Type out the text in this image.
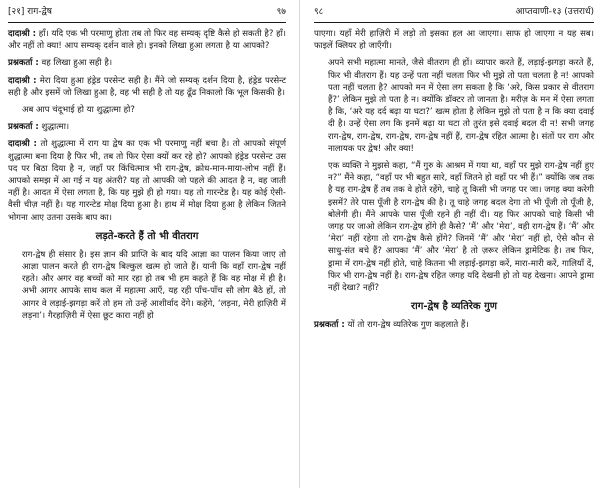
[२१] राग-द्वेष	९७

दादाश्री : हाँ। यदि एक भी परमाणु होता तब तो फिर वह सम्यक् दृष्टि कैसे हो सकती है? हाँ। और नहीं तो क्या! आप सम्यक् दर्शन वाले हो। इनको लिखा हुआ लगता है या आपको?

प्रश्नकर्ता : वह लिखा हुआ सही है।

दादाश्री : मेरा दिया हुआ हंड्रेड परसेन्ट सही है। मैंने जो सम्यक् दर्शन दिया है, हंड्रेड परसेन्ट सही है और इसमें जो लिखा हुआ है, वह भी सही है तो यह ढूँढ निकालो कि भूल किसकी है।

अब आप चंदूभाई हो या शुद्धात्मा हो?

प्रश्नकर्ता : शुद्धात्मा।

दादाश्री : तो शुद्धात्मा में राग या द्वेष का एक भी परमाणु नहीं बचा है। तो आपको संपूर्ण शुद्धात्मा बना दिया है फिर भी, तब तो फिर ऐसा क्यों कर रहे हो? आपको हंड्रेड परसेन्ट उस पद पर बिठा दिया है न, जहाँ पर किंचित्मात्र भी राग-द्वेष, क्रोध-मान-माया-लोभ नहीं हैं। आपको समझ में आ गई न यह अंतरी? यह तो आपकी जो पहले की आदत है न, वह जाती नहीं है। आदत में ऐसा लगता है, कि यह मुझे ही हो गया। यह तो गारन्टेड है। यह कोई ऐसी-वैसी चीज़ नहीं है। यह गारन्टेड मोक्ष दिया हुआ है। हाथ में मोक्ष दिया हुआ है लेकिन जितने भोगना आए उतना उसके बाप का।

लड़ते-करते हैं तो भी वीतराग

राग-द्वेष ही संसार है। इस ज्ञान की प्राप्ति के बाद यदि आज्ञा का पालन किया जाए तो आज्ञा पालन करते ही राग-द्वेष बिल्कुल खत्म हो जाते हैं। यानी कि वहाँ राग-द्वेष नहीं रहते। और अगर वह बच्चों को मार रहा हो तब भी हम कहते हैं कि वह मोक्ष में ही है। अभी आगर आपके साथ कल में महात्मा आएँ, यह रही पाँच-पाँच सौ लोग बैठे हों, तो आगर वे लड़ाई-झगड़ा करें तो हम तो उन्हें आशीर्वाद देंगे। कहेंगे, ‘लड़ना, मेरी हाज़िरी में लड़ना’। गैरहाज़िरी में ऐसा छूट कारा नहीं हो

९८	आप्तवाणी-१३ (उत्तरार्ध)

पाएगा। यहाँ मेरी हाज़िरी में लड़ो तो इसका हल आ जाएगा। साफ हो जाएगा न यह सब। फाइलें क्लियर हो जाएँगी।

अपने सभी महात्मा मानते, जैसे वीतराग ही हों। व्यापार करते हैं, लड़ाई-झगड़ा करते हैं, फिर भी वीतराग हैं। यह उन्हें पता नहीं चलता फिर भी मुझे तो पता चलता है न! आपको पता नहीं चलता है? आपको मन में ऐसा लग सकता है कि ‘अरे, किस प्रकार से वीतराग हैं?’ लेकिन मुझे तो पता है न। क्योंकि डॉक्टर तो जानता है। मरीज़ के मन में ऐसा लगता है कि, ‘अरे यह दर्द बढ़ा या घटा?’ खत्म होता है लेकिन मुझे तो पता है न कि क्या दवाई दी है। उन्हें ऐसा लग कि इनमें बढ़ा या घटा तो तुरंत इसे दवाई बदल दी न! सभी जगह राग-द्वेष, राग-द्वेष, राग-द्वेष, राग-द्वेष नहीं हैं, राग-द्वेष रहित आत्मा है। संतों पर राग और नालायक पर द्वेष! और क्या!

एक व्यक्ति ने मुझसे कहा, “मैं गुरु के आश्रम में गया था, वहाँ पर मुझे राग-द्वेष नहीं हुए न?” मैंने कहा, “वहाँ पर भी बहुत सारे, वहाँ जितने हो वहाँ पर भी हैं।” क्योंकि जब तक है यह राग-द्वेष हैं तब तक वे होते रहेंगे, चाहे तू किसी भी जगह पर जा। जगह क्या करेगी इसमें? तेरे पास पूँजी है राग-द्वेष की है। तू चाहे जगह बदल देगा तो भी पूँजी तो पूँजी है, बोलेगी ही। मैंने आपके पास पूँजी रहने ही नहीं दी। यह फिर आपको चाहे किसी भी जगह पर जाओ लेकिन राग-द्वेष होंगे ही कैसे? ‘मैं’ और ‘मेरा’, वही राग-द्वेष हैं। ‘मैं’ और ‘मेरा’ नहीं रहेगा तो राग-द्वेष कैसे होंगे? जिनमें ‘मैं’ और ‘मेरा’ नहीं हो, ऐसे कौन से साधु-संत बचे हैं? आपका ‘मैं’ और ‘मेरा’ है तो ज़रूर लेकिन ड्रामेटिक है। तब फिर, ड्रामा में राग-द्वेष नहीं होते, चाहे कितना भी लड़ाई-झगड़ा करें, मारा-मारी करें, गालियाँ दें, फिर भी राग-द्वेष नहीं है। राग-द्वेष रहित जगह यदि देखनी हो तो यह देखना। आपने ड्रामा नहीं देखा? नहीं?

राग-द्वेष है व्यतिरेक गुण

प्रश्नकर्ता : यों तो राग-द्वेष व्यतिरेक गुण कहलाते हैं।
